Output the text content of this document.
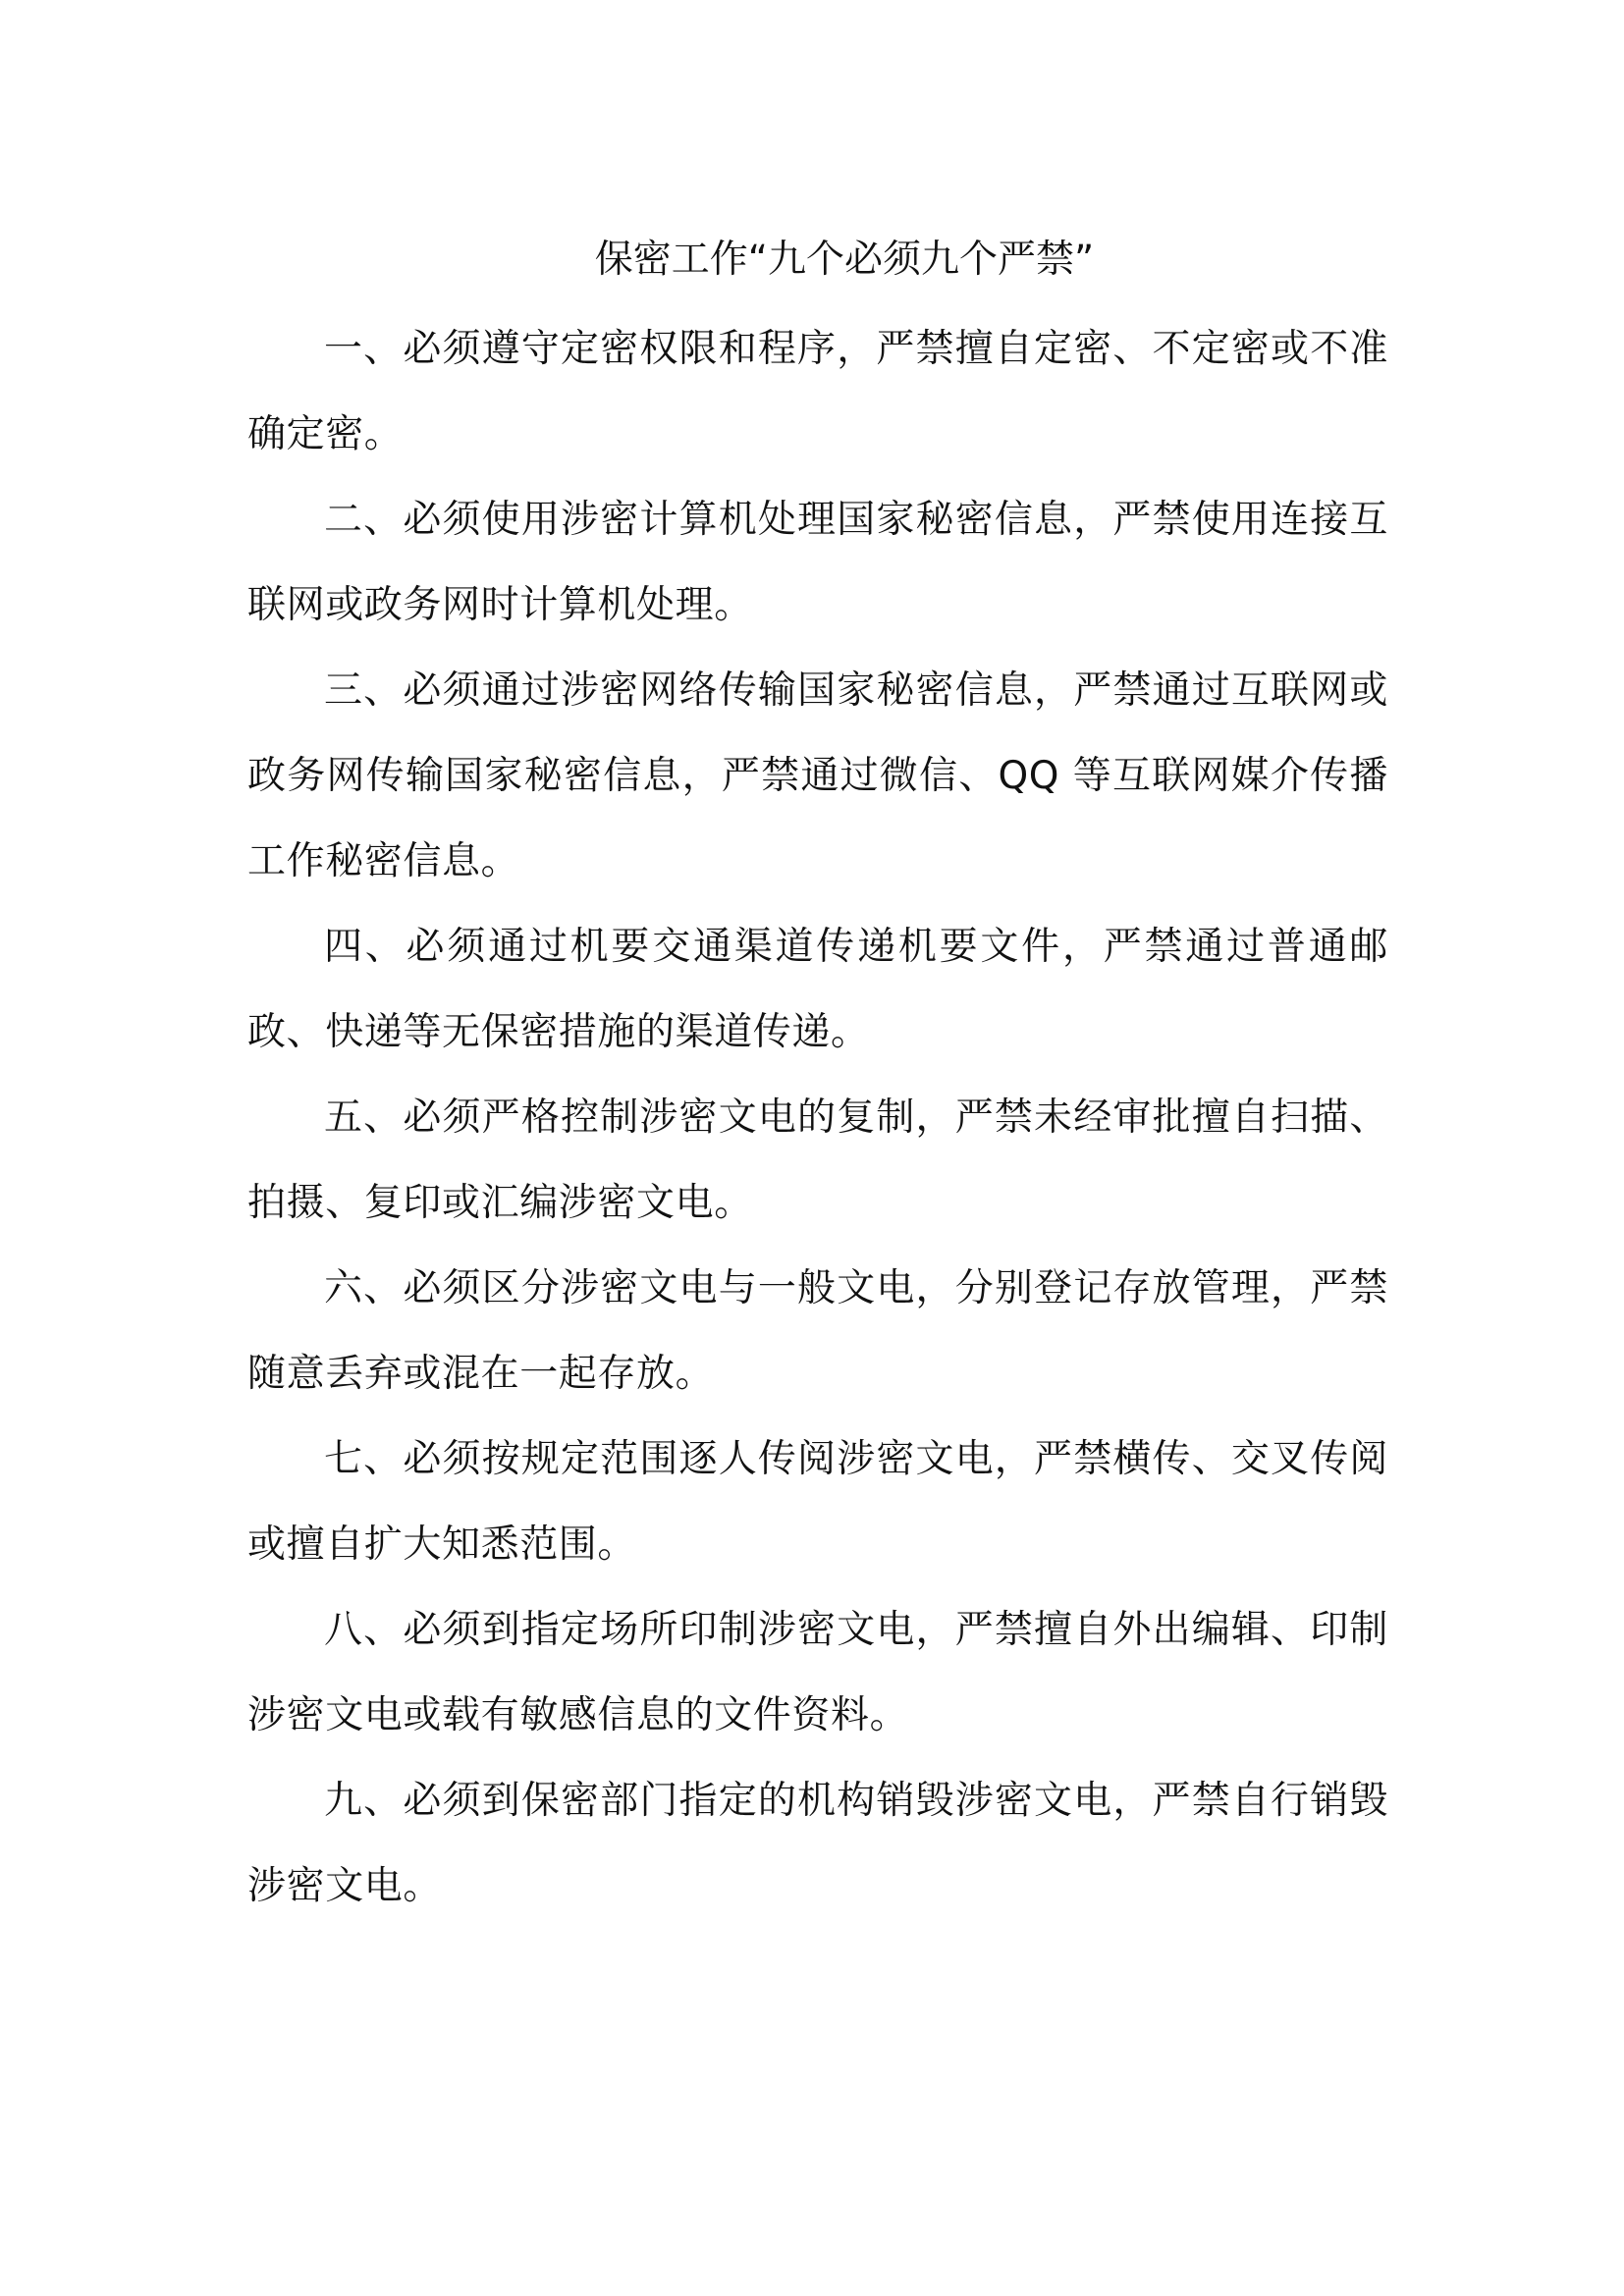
保密工作“九个必须九个严禁”

一、必须遵守定密权限和程序，严禁擅自定密、不定密或不准确定密。

二、必须使用涉密计算机处理国家秘密信息，严禁使用连接互联网或政务网时计算机处理。

三、必须通过涉密网络传输国家秘密信息，严禁通过互联网或政务网传输国家秘密信息，严禁通过微信、QQ 等互联网媒介传播工作秘密信息。

四、必须通过机要交通渠道传递机要文件，严禁通过普通邮政、快递等无保密措施的渠道传递。

五、必须严格控制涉密文电的复制，严禁未经审批擅自扫描、拍摄、复印或汇编涉密文电。

六、必须区分涉密文电与一般文电，分别登记存放管理，严禁随意丢弃或混在一起存放。

七、必须按规定范围逐人传阅涉密文电，严禁横传、交叉传阅或擅自扩大知悉范围。

八、必须到指定场所印制涉密文电，严禁擅自外出编辑、印制涉密文电或载有敏感信息的文件资料。

九、必须到保密部门指定的机构销毁涉密文电，严禁自行销毁涉密文电。
